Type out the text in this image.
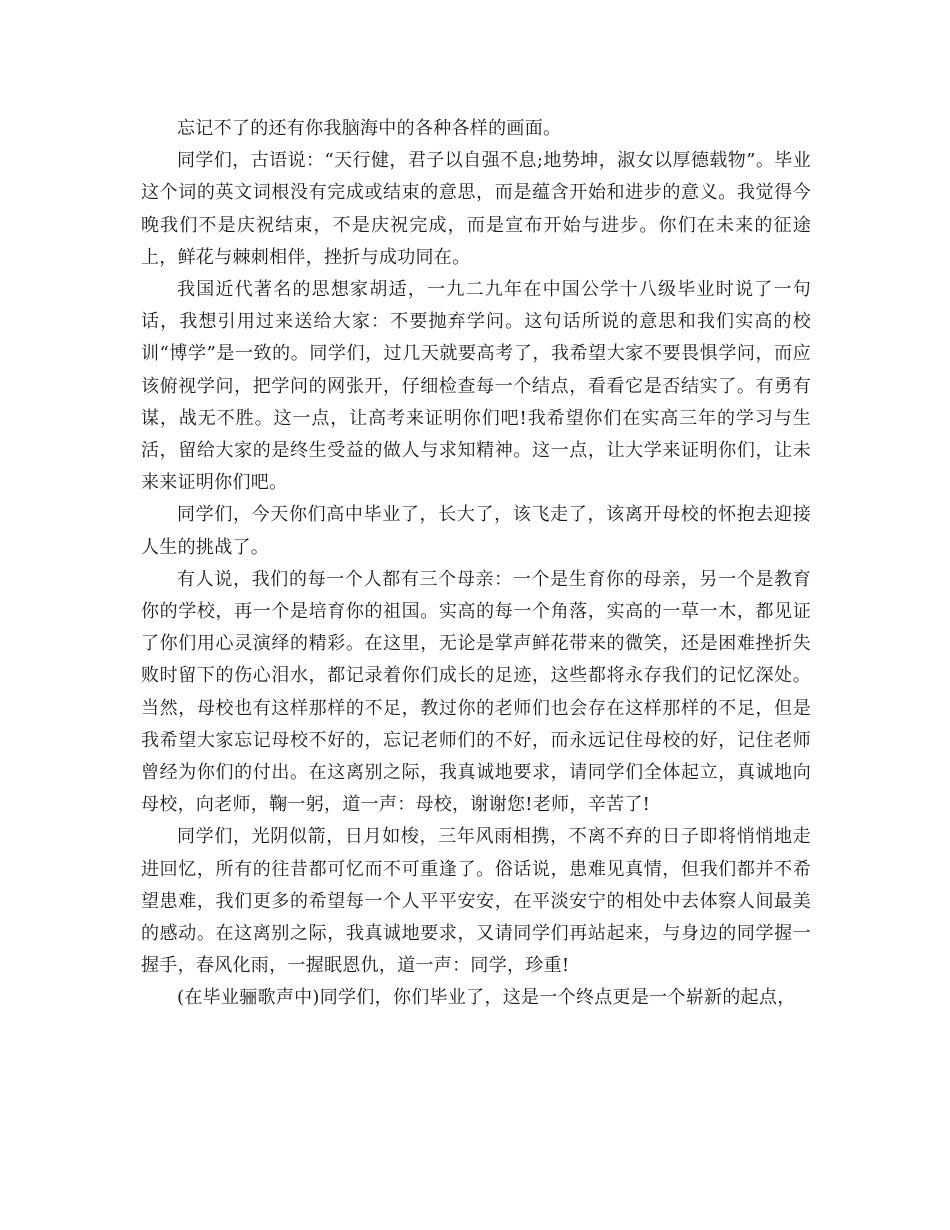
忘记不了的还有你我脑海中的各种各样的画面。

同学们，古语说：“天行健，君子以自强不息;地势坤，淑女以厚德载物”。毕业这个词的英文词根没有完成或结束的意思，而是蕴含开始和进步的意义。我觉得今晚我们不是庆祝结束，不是庆祝完成，而是宣布开始与进步。你们在未来的征途上，鲜花与棘刺相伴，挫折与成功同在。

我国近代著名的思想家胡适，一九二九年在中国公学十八级毕业时说了一句话，我想引用过来送给大家：不要抛弃学问。这句话所说的意思和我们实高的校训“博学”是一致的。同学们，过几天就要高考了，我希望大家不要畏惧学问，而应该俯视学问，把学问的网张开，仔细检查每一个结点，看看它是否结实了。有勇有谋，战无不胜。这一点，让高考来证明你们吧!我希望你们在实高三年的学习与生活，留给大家的是终生受益的做人与求知精神。这一点，让大学来证明你们，让未来来证明你们吧。

同学们，今天你们高中毕业了，长大了，该飞走了，该离开母校的怀抱去迎接人生的挑战了。

有人说，我们的每一个人都有三个母亲：一个是生育你的母亲，另一个是教育你的学校，再一个是培育你的祖国。实高的每一个角落，实高的一草一木，都见证了你们用心灵演绎的精彩。在这里，无论是掌声鲜花带来的微笑，还是困难挫折失败时留下的伤心泪水，都记录着你们成长的足迹，这些都将永存我们的记忆深处。当然，母校也有这样那样的不足，教过你的老师们也会存在这样那样的不足，但是我希望大家忘记母校不好的，忘记老师们的不好，而永远记住母校的好，记住老师曾经为你们的付出。在这离别之际，我真诚地要求，请同学们全体起立，真诚地向母校，向老师，鞠一躬，道一声：母校，谢谢您!老师，辛苦了!

同学们，光阴似箭，日月如梭，三年风雨相携，不离不弃的日子即将悄悄地走进回忆，所有的往昔都可忆而不可重逢了。俗话说，患难见真情，但我们都并不希望患难，我们更多的希望每一个人平平安安，在平淡安宁的相处中去体察人间最美的感动。在这离别之际，我真诚地要求，又请同学们再站起来，与身边的同学握一握手，春风化雨，一握眠恩仇，道一声：同学，珍重!

(在毕业骊歌声中)同学们，你们毕业了，这是一个终点更是一个崭新的起点，
